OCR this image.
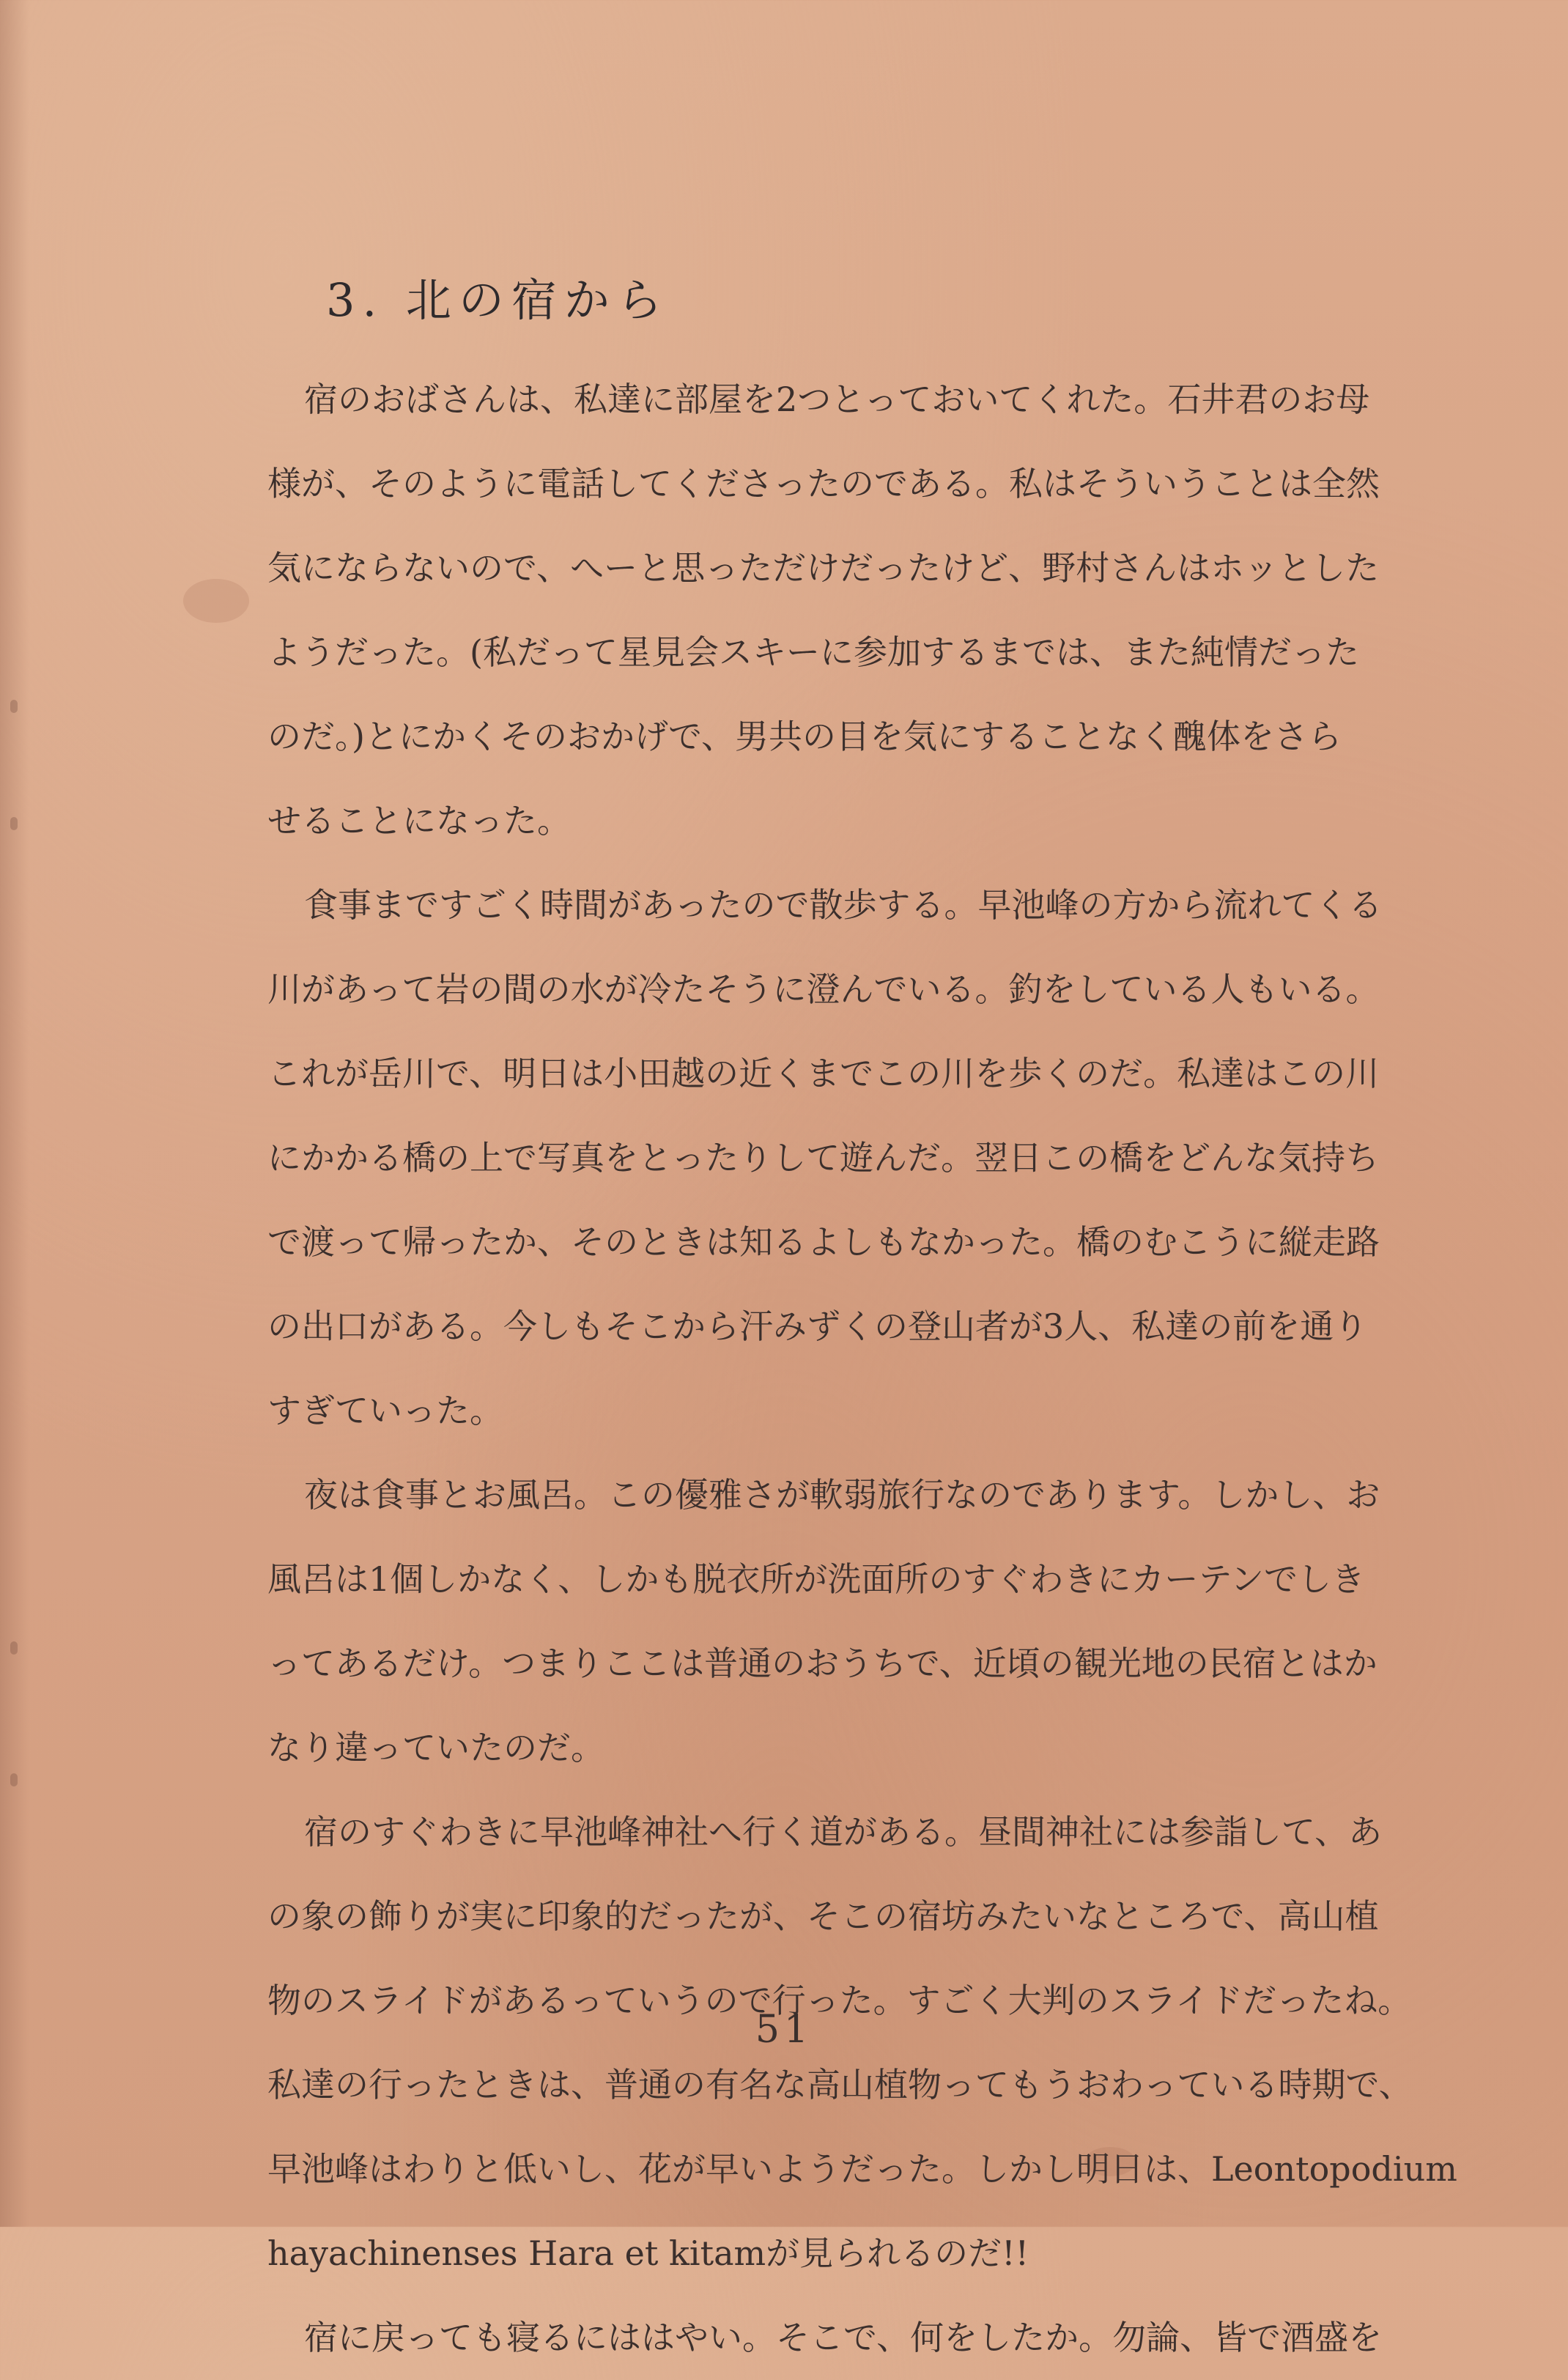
3. 北の宿から

宿のおばさんは、私達に部屋を2つとっておいてくれた。石井君のお母
様が、そのように電話してくださったのである。私はそういうことは全然
気にならないので、へーと思っただけだったけど、野村さんはホッとした
ようだった。(私だって星見会スキーに参加するまでは、また純情だった
のだ。)とにかくそのおかげで、男共の目を気にすることなく醜体をさら
せることになった。

食事まですごく時間があったので散歩する。早池峰の方から流れてくる
川があって岩の間の水が冷たそうに澄んでいる。釣をしている人もいる。
これが岳川で、明日は小田越の近くまでこの川を歩くのだ。私達はこの川
にかかる橋の上で写真をとったりして遊んだ。翌日この橋をどんな気持ち
で渡って帰ったか、そのときは知るよしもなかった。橋のむこうに縦走路
の出口がある。今しもそこから汗みずくの登山者が3人、私達の前を通り
すぎていった。

夜は食事とお風呂。この優雅さが軟弱旅行なのであります。しかし、お
風呂は1個しかなく、しかも脱衣所が洗面所のすぐわきにカーテンでしき
ってあるだけ。つまりここは普通のおうちで、近頃の観光地の民宿とはか
なり違っていたのだ。

宿のすぐわきに早池峰神社へ行く道がある。昼間神社には参詣して、あ
の象の飾りが実に印象的だったが、そこの宿坊みたいなところで、高山植
物のスライドがあるっていうので行った。すごく大判のスライドだったね。
私達の行ったときは、普通の有名な高山植物ってもうおわっている時期で、
早池峰はわりと低いし、花が早いようだった。しかし明日は、Leontopodium
hayachinenses Hara et kitamが見られるのだ!!

宿に戻っても寝るにははやい。そこで、何をしたか。勿論、皆で酒盛を

51
